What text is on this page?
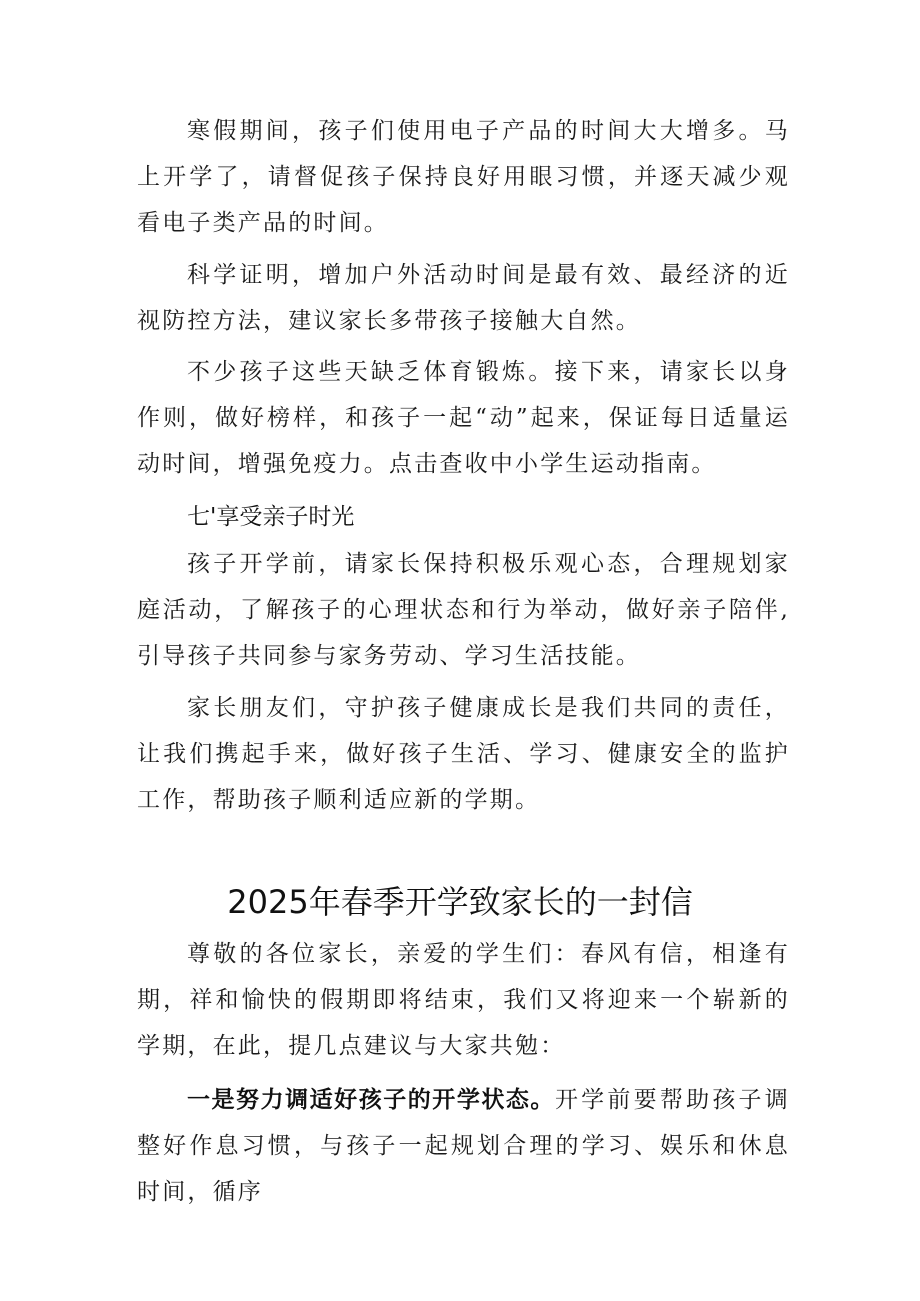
寒假期间，孩子们使用电子产品的时间大大增多。马上开学了，请督促孩子保持良好用眼习惯，并逐天减少观看电子类产品的时间。

科学证明，增加户外活动时间是最有效、最经济的近视防控方法，建议家长多带孩子接触大自然。

不少孩子这些天缺乏体育锻炼。接下来，请家长以身作则，做好榜样，和孩子一起“动”起来，保证每日适量运动时间，增强免疫力。点击查收中小学生运动指南。

七'享受亲子时光

孩子开学前，请家长保持积极乐观心态，合理规划家庭活动，了解孩子的心理状态和行为举动，做好亲子陪伴,引导孩子共同参与家务劳动、学习生活技能。

家长朋友们，守护孩子健康成长是我们共同的责任，让我们携起手来，做好孩子生活、学习、健康安全的监护工作，帮助孩子顺利适应新的学期。

2025年春季开学致家长的一封信

尊敬的各位家长，亲爱的学生们：春风有信，相逢有期，祥和愉快的假期即将结束，我们又将迎来一个崭新的学期，在此，提几点建议与大家共勉：

一是努力调适好孩子的开学状态。开学前要帮助孩子调整好作息习惯，与孩子一起规划合理的学习、娱乐和休息时间，循序
